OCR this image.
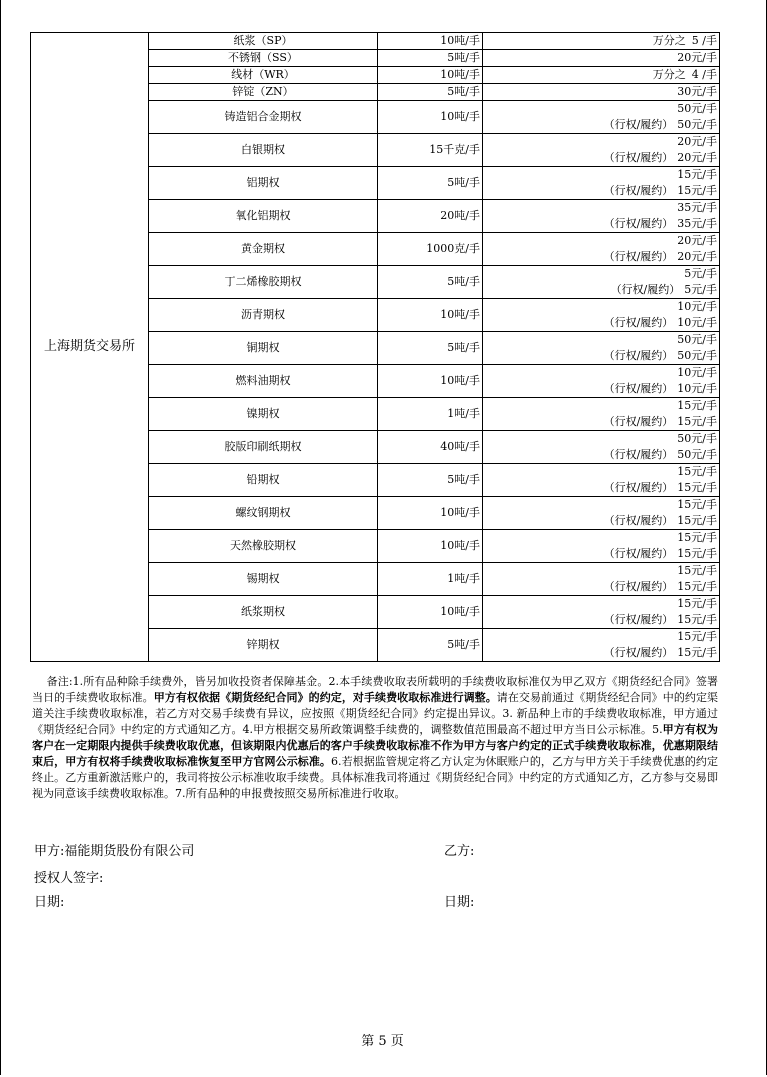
上海期货交易所	纸浆（SP）	10吨/手	万分之 5 /手
	不锈钢（SS）	5吨/手	20元/手
	线材（WR）	10吨/手	万分之 4 /手
	锌锭（ZN）	5吨/手	30元/手
	铸造铝合金期权	10吨/手	50元/手
（行权/履约） 50元/手

	白银期权	15千克/手	20元/手
（行权/履约） 20元/手

	铝期权	5吨/手	15元/手
（行权/履约） 15元/手

	氧化铝期权	20吨/手	35元/手
（行权/履约） 35元/手

	黄金期权	1000克/手	20元/手
（行权/履约） 20元/手

	丁二烯橡胶期权	5吨/手	5元/手
（行权/履约） 5元/手

	沥青期权	10吨/手	10元/手
（行权/履约） 10元/手

	铜期权	5吨/手	50元/手
（行权/履约） 50元/手

	燃料油期权	10吨/手	10元/手
（行权/履约） 10元/手

	镍期权	1吨/手	15元/手
（行权/履约） 15元/手

	胶版印刷纸期权	40吨/手	50元/手
（行权/履约） 50元/手

	铅期权	5吨/手	15元/手
（行权/履约） 15元/手

	螺纹钢期权	10吨/手	15元/手
（行权/履约） 15元/手

	天然橡胶期权	10吨/手	15元/手
（行权/履约） 15元/手

	锡期权	1吨/手	15元/手
（行权/履约） 15元/手

	纸浆期权	10吨/手	15元/手
（行权/履约） 15元/手

	锌期权	5吨/手	15元/手
（行权/履约） 15元/手
备注:1.所有品种除手续费外，皆另加收投资者保障基金。2.本手续费收取表所载明的手续费收取标准仅为甲乙双方《期货经纪合同》签署当日的手续费收取标准。甲方有权依据《期货经纪合同》的约定，对手续费收取标准进行调整。请在交易前通过《期货经纪合同》中的约定渠道关注手续费收取标准，若乙方对交易手续费有异议，应按照《期货经纪合同》约定提出异议。3. 新品种上市的手续费收取标准，甲方通过《期货经纪合同》中约定的方式通知乙方。4.甲方根据交易所政策调整手续费的，调整数值范围最高不超过甲方当日公示标准。5.甲方有权为客户在一定期限内提供手续费收取优惠，但该期限内优惠后的客户手续费收取标准不作为甲方与客户约定的正式手续费收取标准，优惠期限结束后，甲方有权将手续费收取标准恢复至甲方官网公示标准。6.若根据监管规定将乙方认定为休眠账户的，乙方与甲方关于手续费优惠的约定终止。乙方重新激活账户的，我司将按公示标准收取手续费。具体标准我司将通过《期货经纪合同》中约定的方式通知乙方，乙方参与交易即视为同意该手续费收取标准。7.所有品种的申报费按照交易所标准进行收取。
甲方:福能期货股份有限公司	乙方:
授权人签字:
日期:	日期:
第 5 页
